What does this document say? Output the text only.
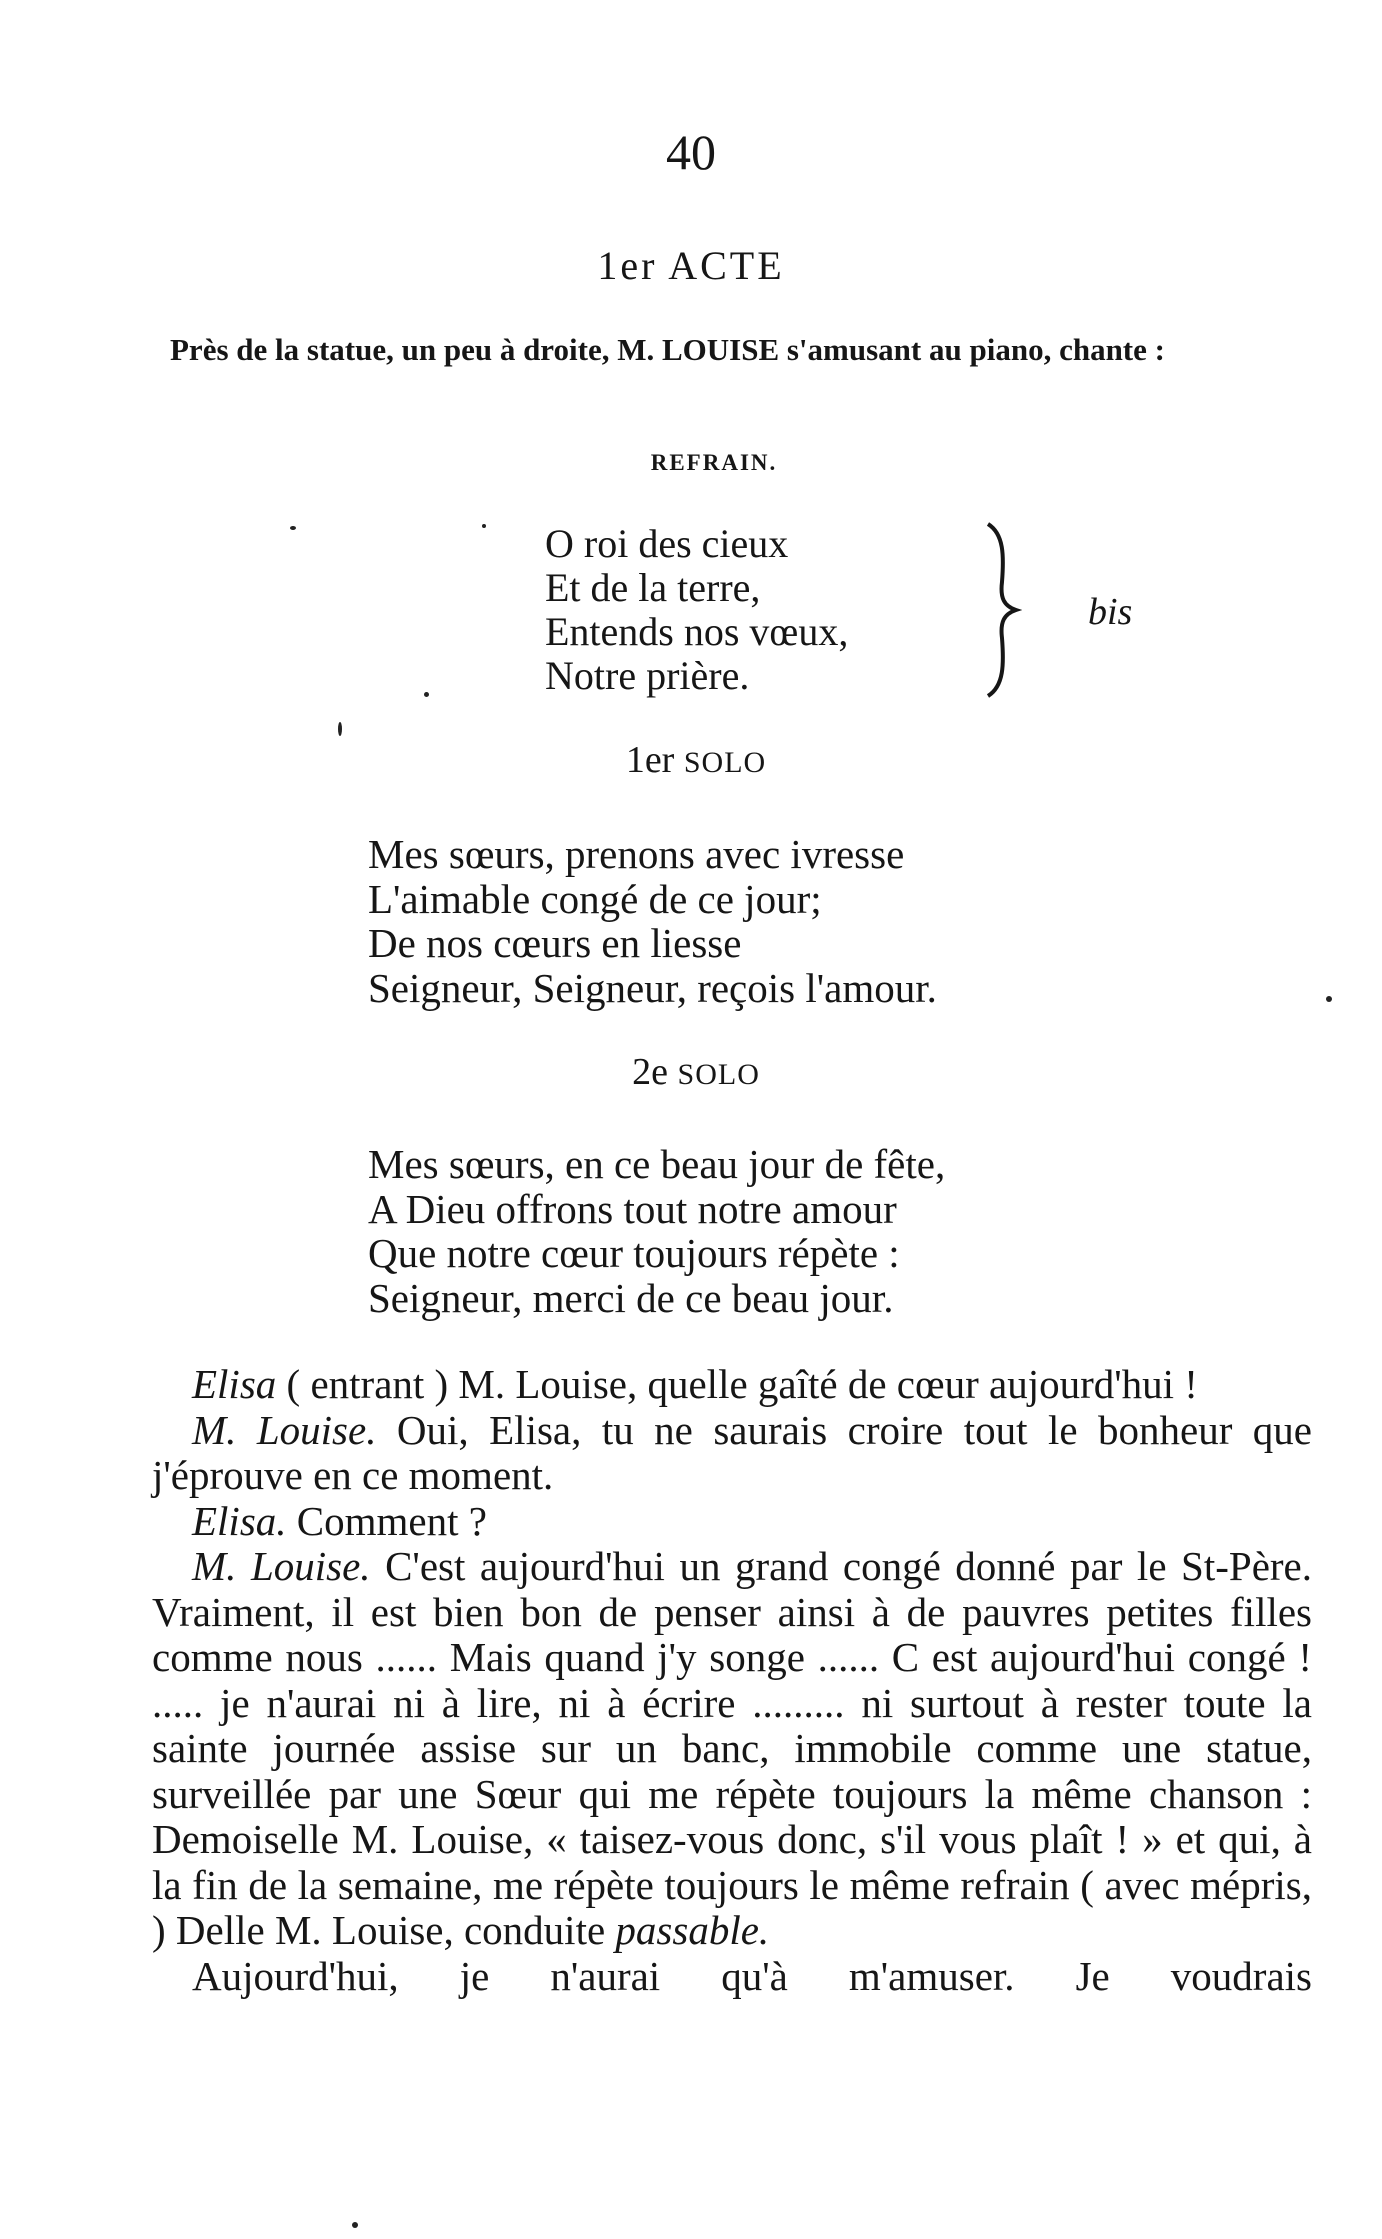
40
1er ACTE
Près de la statue, un peu à droite, M. LOUISE s'amusant au piano, chante :
REFRAIN.
O roi des cieux
Et de la terre,
Entends nos vœux,
Notre prière.
bis
1er SOLO
Mes sœurs, prenons avec ivresse
L'aimable congé de ce jour;
De nos cœurs en liesse
Seigneur, Seigneur, reçois l'amour.
2e SOLO
Mes sœurs, en ce beau jour de fête,
A Dieu offrons tout notre amour
Que notre cœur toujours répète :
Seigneur, merci de ce beau jour.

Elisa ( entrant ) M. Louise, quelle gaîté de cœur aujourd'hui !

M. Louise. Oui, Elisa, tu ne saurais croire tout le bonheur que j'éprouve en ce moment.

Elisa. Comment ?

M. Louise. C'est aujourd'hui un grand congé donné par le St-Père. Vraiment, il est bien bon de penser ainsi à de pauvres petites filles comme nous ...... Mais quand j'y songe ...... C est aujourd'hui congé ! ..... je n'aurai ni à lire, ni à écrire ......... ni surtout à rester toute la sainte journée assise sur un banc, immobile comme une statue, surveillée par une Sœur qui me répète toujours la même chanson : Demoiselle M. Louise, « taisez-vous donc, s'il vous plaît ! » et qui, à la fin de la semaine, me répète toujours le même refrain ( avec mépris, ) Delle M. Louise, conduite passable.

Aujourd'hui, je n'aurai qu'à m'amuser. Je voudrais
